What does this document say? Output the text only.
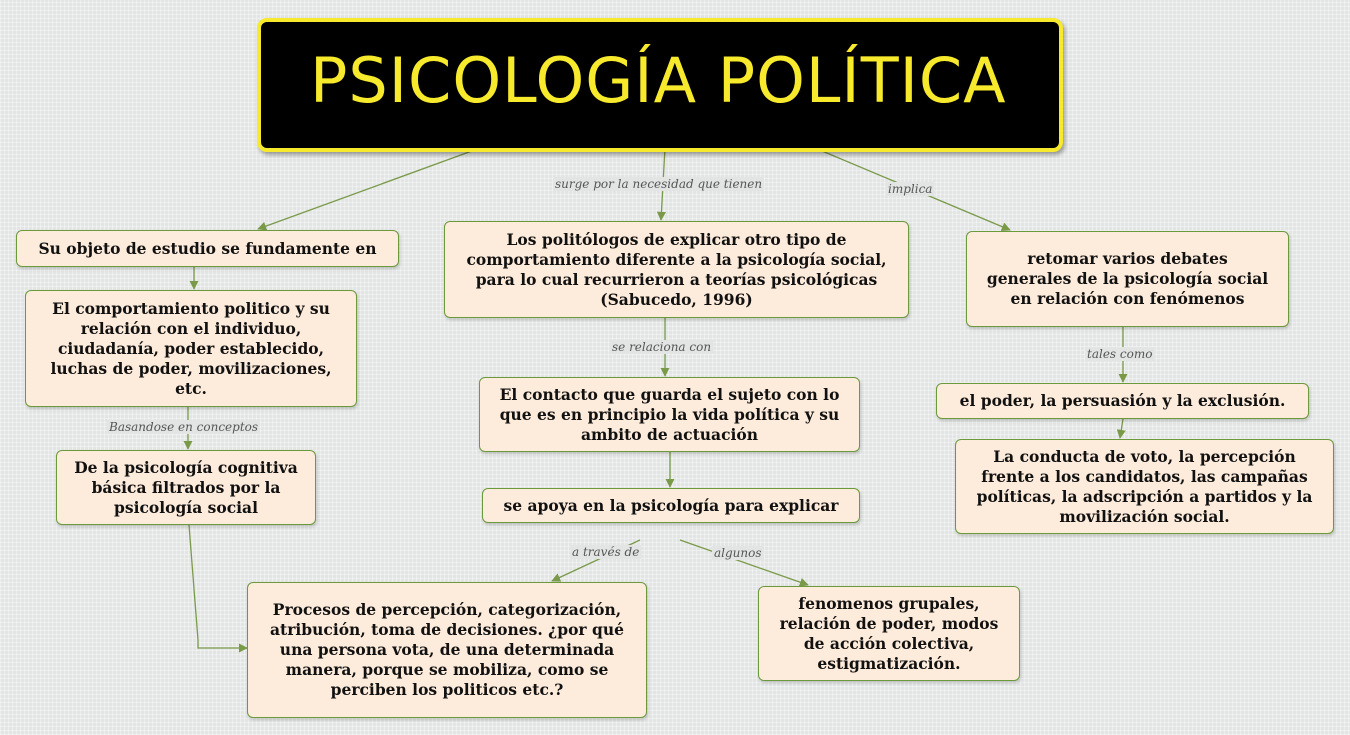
PSICOLOGÍA POLÍTICA
Su objeto de estudio se fundamente en
El comportamiento politico y su relación con el individuo, ciudadanía, poder establecido, luchas de poder, movilizaciones, etc.
De la psicología cognitiva básica filtrados por la psicología social
Los politólogos de explicar otro tipo de comportamiento diferente a la psicología social, para lo cual recurrieron a teorías psicológicas (Sabucedo, 1996)
El contacto que guarda el sujeto con lo que es en principio la vida política y su ambito de actuación
se apoya en la psicología para explicar
Procesos de percepción, categorización, atribución, toma de decisiones. ¿por qué una persona vota, de una determinada manera, porque se mobiliza, como se perciben los politicos etc.?
fenomenos grupales, relación de poder, modos de acción colectiva, estigmatización.
retomar varios debates generales de la psicología social en relación con fenómenos
el poder, la persuasión y la exclusión.
La conducta de voto, la percepción frente a los candidatos, las campañas políticas, la adscripción a partidos y la movilización social.
surge por la necesidad que tienen	implica
Basandose en conceptos
se relaciona con
a través de	algunos
tales como
